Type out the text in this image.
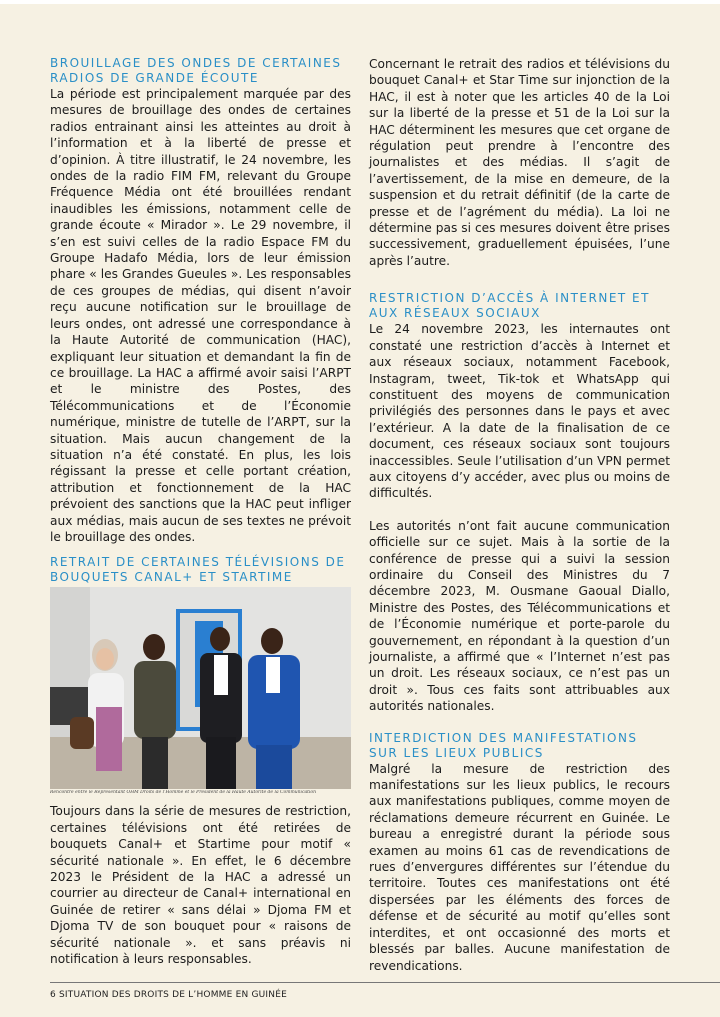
BROUILLAGE DES ONDES DE CERTAINES RADIOS DE GRANDE ÉCOUTE

La période est principalement marquée par des mesures de brouillage des ondes de certaines radios entrainant ainsi les atteintes au droit à l’information et à la liberté de presse et d’opinion. À titre illustratif, le 24 novembre, les ondes de la radio FIM FM, relevant du Groupe Fréquence Média ont été brouillées rendant inaudibles les émissions, notamment celle de grande écoute « Mirador ». Le 29 novembre, il s’en est suivi celles de la radio Espace FM du Groupe Hadafo Média, lors de leur émission phare « les Grandes Gueules ». Les responsables de ces groupes de médias, qui disent n’avoir reçu aucune notification sur le brouillage de leurs ondes, ont adressé une correspondance à la Haute Autorité de communication (HAC), expliquant leur situation et demandant la fin de ce brouillage. La HAC a affirmé avoir saisi l’ARPT et le ministre des Postes, des Télécommunications et de l’Économie numérique, ministre de tutelle de l’ARPT, sur la situation. Mais aucun changement de la situation n’a été constaté. En plus, les lois régissant la presse et celle portant création, attribution et fonctionnement de la HAC prévoient des sanctions que la HAC peut infliger aux médias, mais aucun de ses textes ne prévoit le brouillage des ondes.

RETRAIT DE CERTAINES TÉLÉVISIONS DE BOUQUETS CANAL+ ET STARTIME
Rencontre entre le Représentant OHM Droits de l’Homme et le Président de la Haute Autorité de la Communication

Toujours dans la série de mesures de restriction, certaines télévisions ont été retirées de bouquets Canal+ et Startime pour motif « sécurité nationale ». En effet, le 6 décembre 2023 le Président de la HAC a adressé un courrier au directeur de Canal+ international en Guinée de retirer « sans délai » Djoma FM et Djoma TV de son bouquet pour « raisons de sécurité nationale ». et sans préavis ni notification à leurs responsables.

Concernant le retrait des radios et télévisions du bouquet Canal+ et Star Time sur injonction de la HAC, il est à noter que les articles 40 de la Loi sur la liberté de la presse et 51 de la Loi sur la HAC déterminent les mesures que cet organe de régulation peut prendre à l’encontre des journalistes et des médias. Il s’agit de l’avertissement, de la mise en demeure, de la suspension et du retrait définitif (de la carte de presse et de l’agrément du média). La loi ne détermine pas si ces mesures doivent être prises successivement, graduellement épuisées, l’une après l’autre.

RESTRICTION D’ACCÈS À INTERNET ET AUX RÉSEAUX SOCIAUX

Le 24 novembre 2023, les internautes ont constaté une restriction d’accès à Internet et aux réseaux sociaux, notamment Facebook, Instagram, tweet, Tik-tok et WhatsApp qui constituent des moyens de communication privilégiés des personnes dans le pays et avec l’extérieur. A la date de la finalisation de ce document, ces réseaux sociaux sont toujours inaccessibles. Seule l’utilisation d’un VPN permet aux citoyens d’y accéder, avec plus ou moins de difficultés.

Les autorités n’ont fait aucune communication officielle sur ce sujet. Mais à la sortie de la conférence de presse qui a suivi la session ordinaire du Conseil des Ministres du 7 décembre 2023, M. Ousmane Gaoual Diallo, Ministre des Postes, des Télécommunications et de l’Économie numérique et porte-parole du gouvernement, en répondant à la question d’un journaliste, a affirmé que « l’Internet n’est pas un droit. Les réseaux sociaux, ce n’est pas un droit ». Tous ces faits sont attribuables aux autorités nationales.

INTERDICTION DES MANIFESTATIONS SUR LES LIEUX PUBLICS

Malgré la mesure de restriction des manifestations sur les lieux publics, le recours aux manifestations publiques, comme moyen de réclamations demeure récurrent en Guinée. Le bureau a enregistré durant la période sous examen au moins 61 cas de revendications de rues d’envergures différentes sur l’étendue du territoire. Toutes ces manifestations ont été dispersées par les éléments des forces de défense et de sécurité au motif qu’elles sont interdites, et ont occasionné des morts et blessés par balles. Aucune manifestation de revendications.

6 SITUATION DES DROITS DE L’HOMME EN GUINÉE
